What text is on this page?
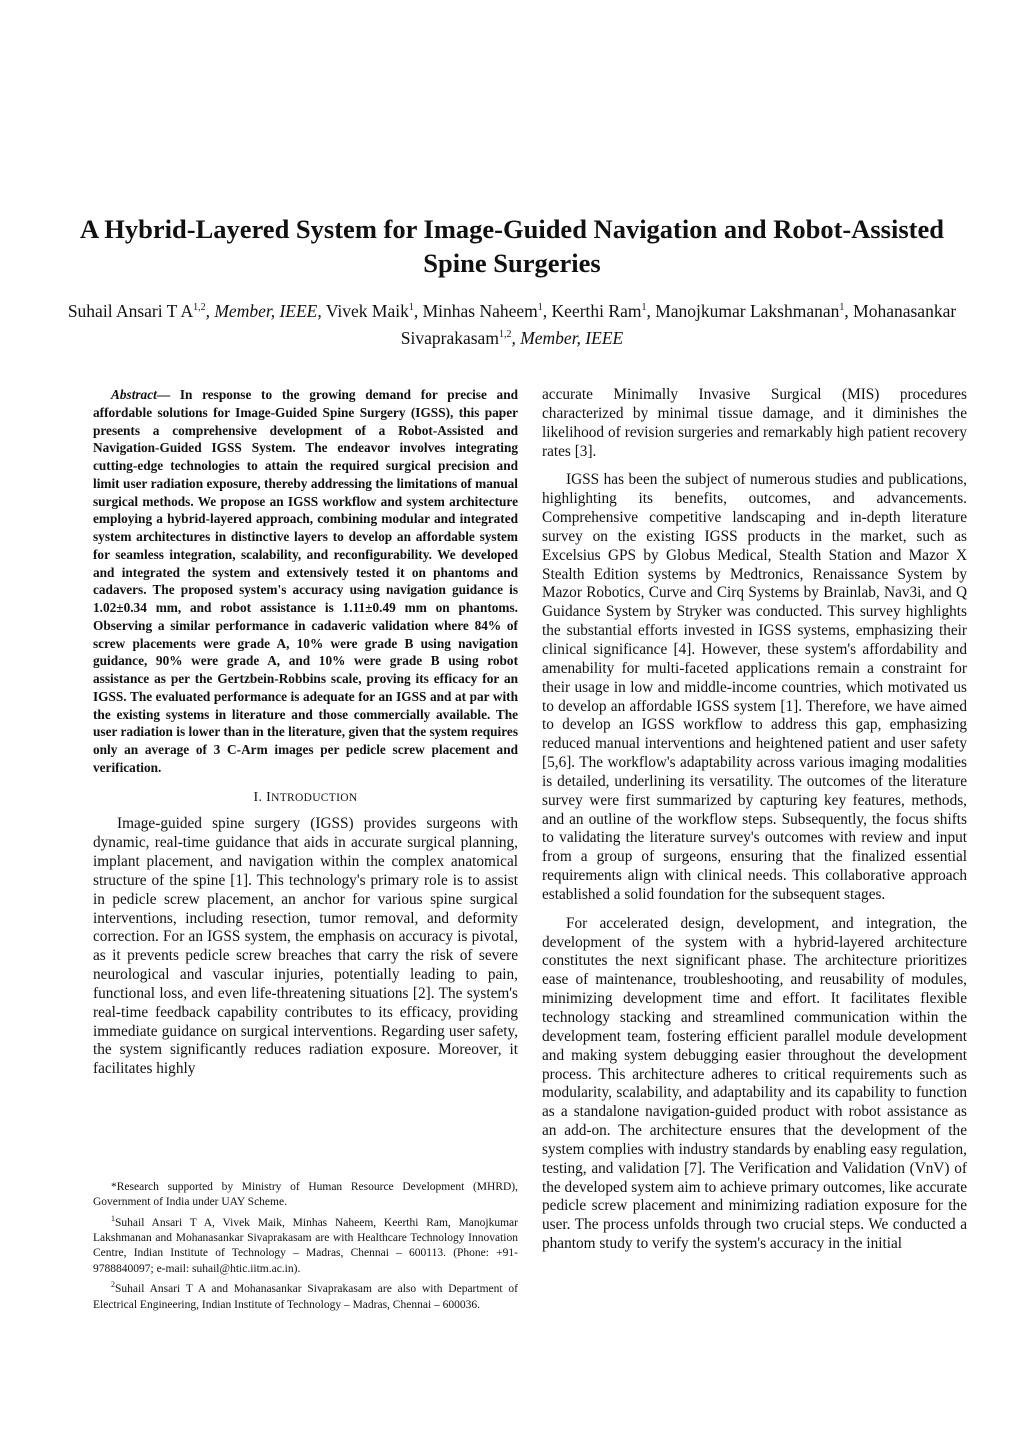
A Hybrid-Layered System for Image-Guided Navigation and Robot-Assisted Spine Surgeries
Suhail Ansari T A$^{1,2}$, Member, IEEE, Vivek Maik$^1$, Minhas Naheem$^1$, Keerthi Ram$^1$, Manojkumar Lakshmanan$^1$, Mohanasankar Sivaprakasam$^{1,2}$, Member, IEEE

Abstract— In response to the growing demand for precise and affordable solutions for Image-Guided Spine Surgery (IGSS), this paper presents a comprehensive development of a Robot-Assisted and Navigation-Guided IGSS System. The endeavor involves integrating cutting-edge technologies to attain the required surgical precision and limit user radiation exposure, thereby addressing the limitations of manual surgical methods. We propose an IGSS workflow and system architecture employing a hybrid-layered approach, combining modular and integrated system architectures in distinctive layers to develop an affordable system for seamless integration, scalability, and reconfigurability. We developed and integrated the system and extensively tested it on phantoms and cadavers. The proposed system's accuracy using navigation guidance is 1.02±0.34 mm, and robot assistance is 1.11±0.49 mm on phantoms. Observing a similar performance in cadaveric validation where 84% of screw placements were grade A, 10% were grade B using navigation guidance, 90% were grade A, and 10% were grade B using robot assistance as per the Gertzbein-Robbins scale, proving its efficacy for an IGSS. The evaluated performance is adequate for an IGSS and at par with the existing systems in literature and those commercially available. The user radiation is lower than in the literature, given that the system requires only an average of 3 C-Arm images per pedicle screw placement and verification.

I. INTRODUCTION

Image-guided spine surgery (IGSS) provides surgeons with dynamic, real-time guidance that aids in accurate surgical planning, implant placement, and navigation within the complex anatomical structure of the spine [1]. This technology's primary role is to assist in pedicle screw placement, an anchor for various spine surgical interventions, including resection, tumor removal, and deformity correction. For an IGSS system, the emphasis on accuracy is pivotal, as it prevents pedicle screw breaches that carry the risk of severe neurological and vascular injuries, potentially leading to pain, functional loss, and even life-threatening situations [2]. The system's real-time feedback capability contributes to its efficacy, providing immediate guidance on surgical interventions. Regarding user safety, the system significantly reduces radiation exposure. Moreover, it facilitates highly

*Research supported by Ministry of Human Resource Development (MHRD), Government of India under UAY Scheme.

$^1$Suhail Ansari T A, Vivek Maik, Minhas Naheem, Keerthi Ram, Manojkumar Lakshmanan and Mohanasankar Sivaprakasam are with Healthcare Technology Innovation Centre, Indian Institute of Technology – Madras, Chennai – 600113. (Phone: +91-9788840097; e-mail: suhail@htic.iitm.ac.in).

$^2$Suhail Ansari T A and Mohanasankar Sivaprakasam are also with Department of Electrical Engineering, Indian Institute of Technology – Madras, Chennai – 600036.

accurate Minimally Invasive Surgical (MIS) procedures characterized by minimal tissue damage, and it diminishes the likelihood of revision surgeries and remarkably high patient recovery rates [3].

IGSS has been the subject of numerous studies and publications, highlighting its benefits, outcomes, and advancements. Comprehensive competitive landscaping and in-depth literature survey on the existing IGSS products in the market, such as Excelsius GPS by Globus Medical, Stealth Station and Mazor X Stealth Edition systems by Medtronics, Renaissance System by Mazor Robotics, Curve and Cirq Systems by Brainlab, Nav3i, and Q Guidance System by Stryker was conducted. This survey highlights the substantial efforts invested in IGSS systems, emphasizing their clinical significance [4]. However, these system's affordability and amenability for multi-faceted applications remain a constraint for their usage in low and middle-income countries, which motivated us to develop an affordable IGSS system [1]. Therefore, we have aimed to develop an IGSS workflow to address this gap, emphasizing reduced manual interventions and heightened patient and user safety [5,6]. The workflow's adaptability across various imaging modalities is detailed, underlining its versatility. The outcomes of the literature survey were first summarized by capturing key features, methods, and an outline of the workflow steps. Subsequently, the focus shifts to validating the literature survey's outcomes with review and input from a group of surgeons, ensuring that the finalized essential requirements align with clinical needs. This collaborative approach established a solid foundation for the subsequent stages.

For accelerated design, development, and integration, the development of the system with a hybrid-layered architecture constitutes the next significant phase. The architecture prioritizes ease of maintenance, troubleshooting, and reusability of modules, minimizing development time and effort. It facilitates flexible technology stacking and streamlined communication within the development team, fostering efficient parallel module development and making system debugging easier throughout the development process. This architecture adheres to critical requirements such as modularity, scalability, and adaptability and its capability to function as a standalone navigation-guided product with robot assistance as an add-on. The architecture ensures that the development of the system complies with industry standards by enabling easy regulation, testing, and validation [7]. The Verification and Validation (VnV) of the developed system aim to achieve primary outcomes, like accurate pedicle screw placement and minimizing radiation exposure for the user. The process unfolds through two crucial steps. We conducted a phantom study to verify the system's accuracy in the initial
